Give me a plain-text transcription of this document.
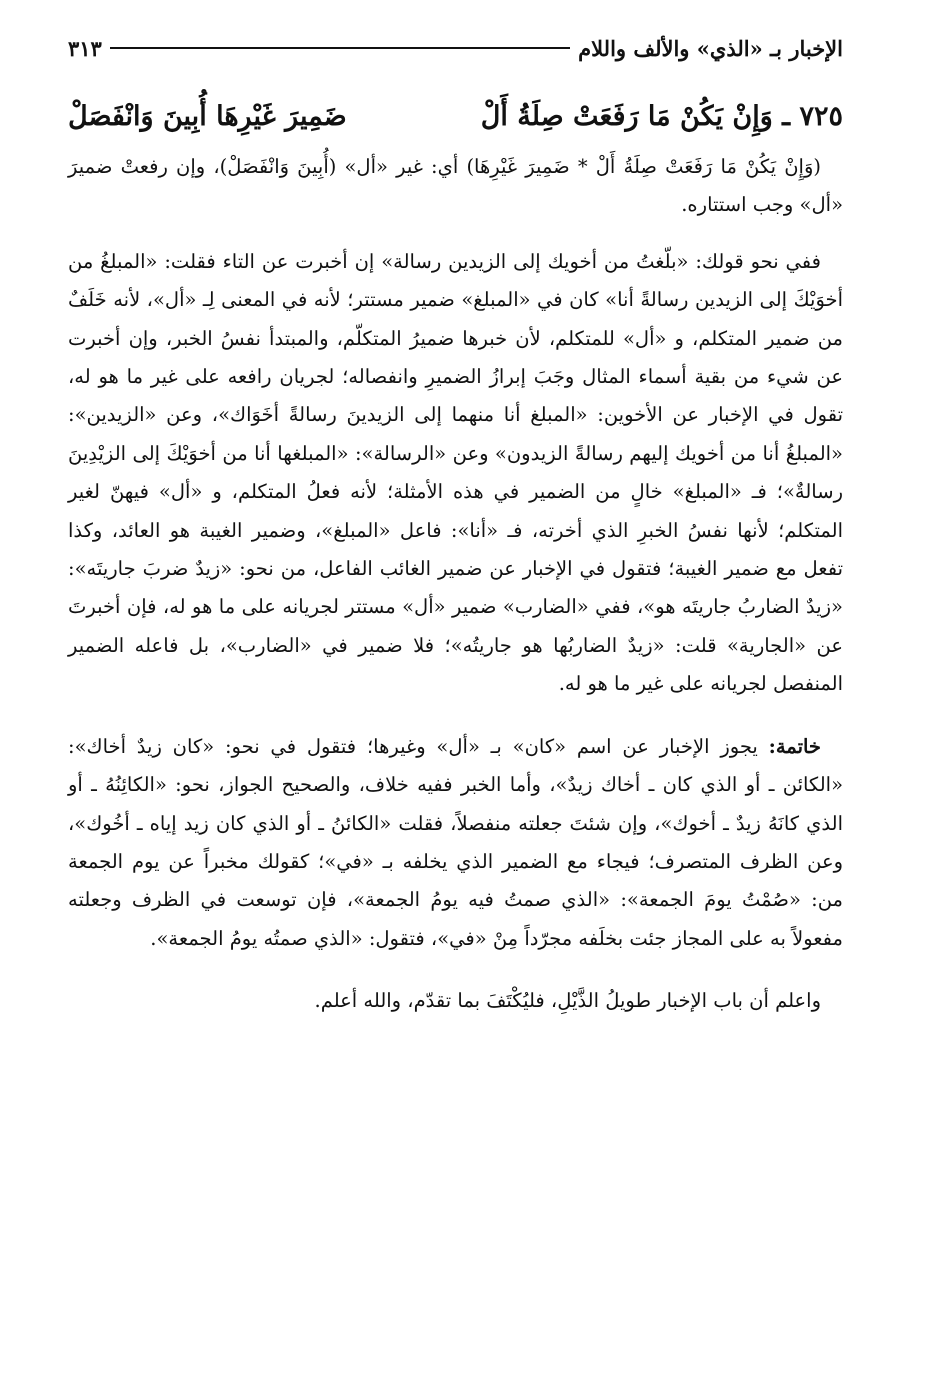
الإخبار بـ «الذي» والألف واللام
٣١٣
٧٢٥ ـ وَإِنْ يَكُنْ مَا رَفَعَتْ صِلَةُ أَلْ
ضَمِيرَ غَيْرِهَا أُبِينَ وَانْفَصَلْ

(وَإِنْ يَكُنْ مَا رَفَعَتْ صِلَةُ أَلْ * ضَمِيرَ غَيْرِهَا) أي: غير «أل» (أُبِينَ وَانْفَصَلْ)، وإن رفعتْ ضميرَ «أل» وجب استتاره.

ففي نحو قولك: «بلّغتُ من أخويك إلى الزيدين رسالة» إن أخبرت عن التاء فقلت: «المبلغُ من أخوَيْكَ إلى الزيدين رسالةً أنا» كان في «المبلغ» ضمير مستتر؛ لأنه في المعنى لِـ «أل»، لأنه خَلَفٌ من ضمير المتكلم، و «أل» للمتكلم، لأن خبرها ضميرُ المتكلّم، والمبتدأ نفسُ الخبر، وإن أخبرت عن شيء من بقية أسماء المثال وجَبَ إبرازُ الضميرِ وانفصاله؛ لجريان رافعه على غير ما هو له، تقول في الإخبار عن الأخوين: «المبلغ أنا منهما إلى الزيدينَ رسالةً أخَوَاك»، وعن «الزيدين»: «المبلغُ أنا من أخويك إليهم رسالةً الزيدون» وعن «الرسالة»: «المبلغها أنا من أخوَيْكَ إلى الزيْدِينَ رسالةٌ»؛ فـ «المبلغ» خالٍ من الضمير في هذه الأمثلة؛ لأنه فعلُ المتكلم، و «أل» فيهنّ لغير المتكلم؛ لأنها نفسُ الخبرِ الذي أخرته، فـ «أنا»: فاعل «المبلغ»، وضمير الغيبة هو العائد، وكذا تفعل مع ضمير الغيبة؛ فتقول في الإخبار عن ضمير الغائب الفاعل، من نحو: «زيدٌ ضربَ جاريتَه»: «زيدٌ الضاربُ جاريتَه هو»، ففي «الضارب» ضمير «أل» مستتر لجريانه على ما هو له، فإن أخبرتَ عن «الجارية» قلت: «زيدٌ الضاربُها هو جاريتُه»؛ فلا ضمير في «الضارب»، بل فاعله الضمير المنفصل لجريانه على غير ما هو له.

خاتمة: يجوز الإخبار عن اسم «كان» بـ «أل» وغيرها؛ فتقول في نحو: «كان زيدٌ أخاك»: «الكائن ـ أو الذي كان ـ أخاك زيدٌ»، وأما الخبر ففيه خلاف، والصحيح الجواز، نحو: «الكائِنُهُ ـ أو الذي كانَهُ زيدٌ ـ أخوك»، وإن شئتَ جعلته منفصلاً، فقلت «الكائنُ ـ أو الذي كان زيد إياه ـ أخُوك»، وعن الظرف المتصرف؛ فيجاء مع الضمير الذي يخلفه بـ «في»؛ كقولك مخبراً عن يوم الجمعة من: «صُمْتُ يومَ الجمعة»: «الذي صمتُ فيه يومُ الجمعة»، فإن توسعت في الظرف وجعلته مفعولاً به على المجاز جئت بخلَفه مجرّداً مِنْ «في»، فتقول: «الذي صمتُه يومُ الجمعة».

واعلم أن باب الإخبار طويلُ الذَّيْلِ، فليُكْتَفَ بما تقدّم، والله أعلم.
